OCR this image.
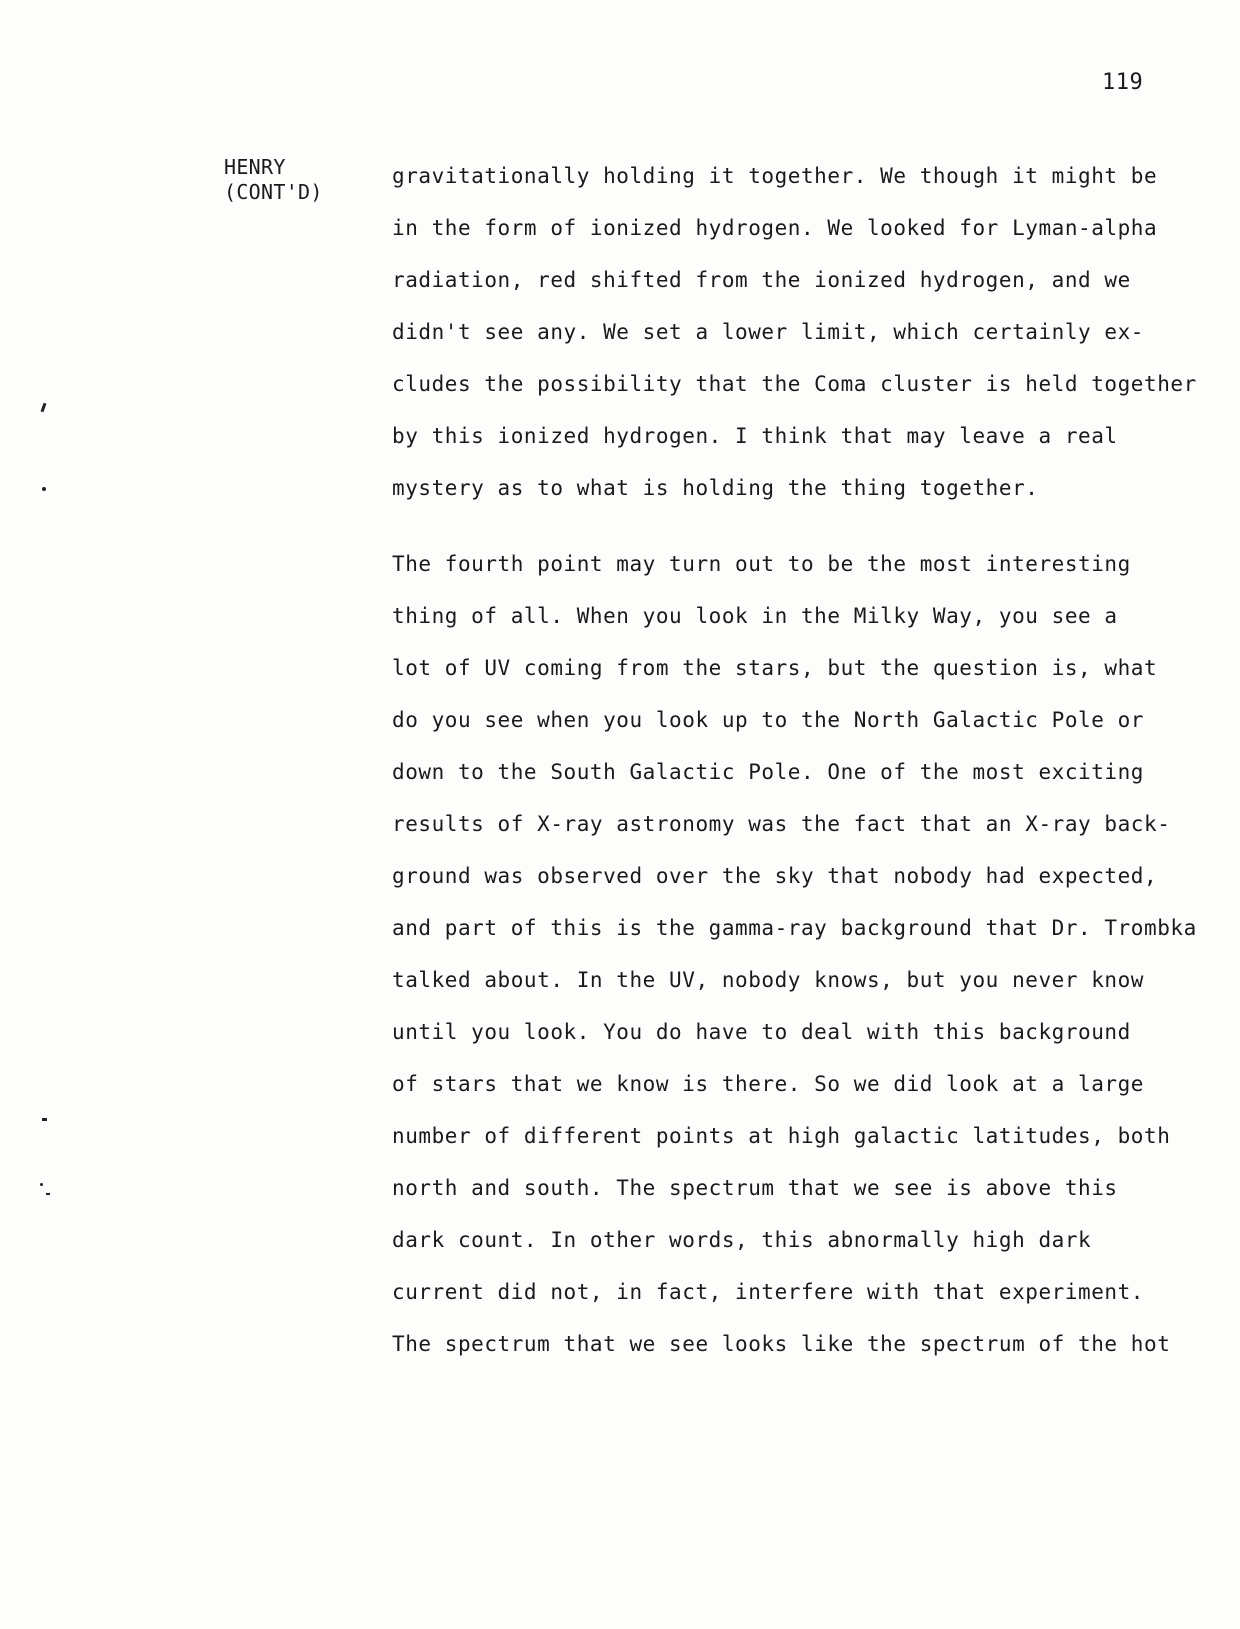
119
HENRY
(CONT'D)
gravitationally holding it together. We though it might be
in the form of ionized hydrogen. We looked for Lyman-alpha
radiation, red shifted from the ionized hydrogen, and we
didn't see any. We set a lower limit, which certainly ex-
cludes the possibility that the Coma cluster is held together
by this ionized hydrogen. I think that may leave a real
mystery as to what is holding the thing together.
The fourth point may turn out to be the most interesting
thing of all. When you look in the Milky Way, you see a
lot of UV coming from the stars, but the question is, what
do you see when you look up to the North Galactic Pole or
down to the South Galactic Pole. One of the most exciting
results of X-ray astronomy was the fact that an X-ray back-
ground was observed over the sky that nobody had expected,
and part of this is the gamma-ray background that Dr. Trombka
talked about. In the UV, nobody knows, but you never know
until you look. You do have to deal with this background
of stars that we know is there. So we did look at a large
number of different points at high galactic latitudes, both
north and south. The spectrum that we see is above this
dark count. In other words, this abnormally high dark
current did not, in fact, interfere with that experiment.
The spectrum that we see looks like the spectrum of the hot
